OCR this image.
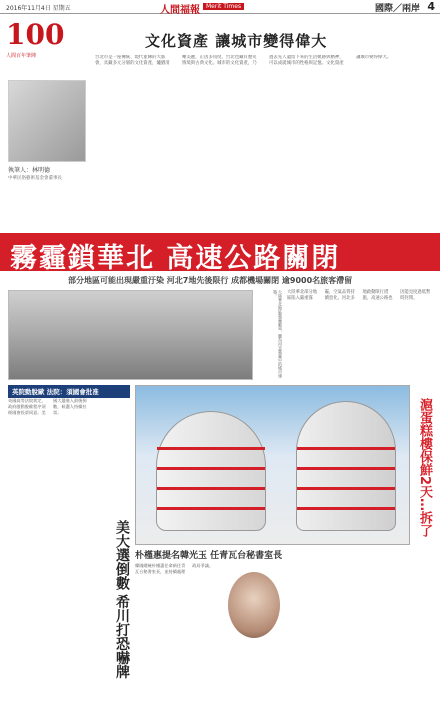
2016年11月4日 星期五	人間福報	Merit Times	國際／兩岸 4
100
人間百年筆陣
文化資產 讓城市變得偉大
執筆人：林明德
中華民俗藝術基金會董事長
台北市是一座傳統、現代並陳的大都會，具藏多元分層的文化資產，爐猶清晰美麗，正因多角度，台北也藏有歷史情境與古典文化。城市的文化資產，乃過去先人遺留下來的生活軌跡與精神，可以成就城市的性格與記憶。文化資產讓城市變得偉大。
霧霾鎖華北 高速公路關閉
部分地區可能出現嚴重汙染 河北7地先後限行 成都機場關閉 逾9000名旅客滯留
大陸華北地區霧霾嚴重，圖為河北霧霾中的城市建築。	大陸華北部分地區陷入嚴重霧霾，空氣品質持續惡化，河北多地啟動限行措施，高速公路也因能見度過低暫時封閉。
英院動脫歐 法院：須國會批准
英國高等法院裁定，政府啟動脫歐程序須經國會投票同意。美國大選進入最後倒數，候選人持續拉票。
美大選倒數 希川打恐嚇牌
滬蛋糕樓保鮮2天…拆了
朴槿惠提名韓光玉 任青瓦台秘書室長
韓國總統朴槿惠任命新任青瓦台秘書室長，並持續處理政局爭議。
